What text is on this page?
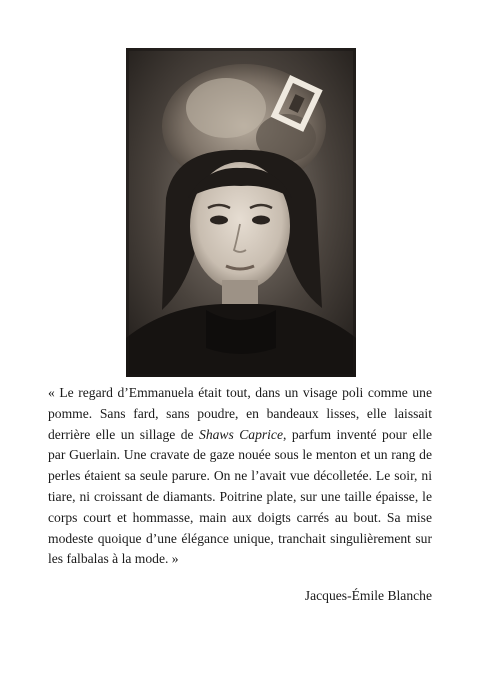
« Le regard d’Emmanuela était tout, dans un visage poli comme une pomme. Sans fard, sans poudre, en bandeaux lisses, elle laissait derrière elle un sillage de Shaws Caprice, parfum inventé pour elle par Guerlain. Une cravate de gaze nouée sous le menton et un rang de perles étaient sa seule parure. On ne l’avait vue décolletée. Le soir, ni tiare, ni croissant de diamants. Poitrine plate, sur une taille épaisse, le corps court et hommasse, main aux doigts carrés au bout. Sa mise modeste quoique d’une élégance unique, tranchait singulièrement sur les falbalas à la mode. »

Jacques-Émile Blanche
